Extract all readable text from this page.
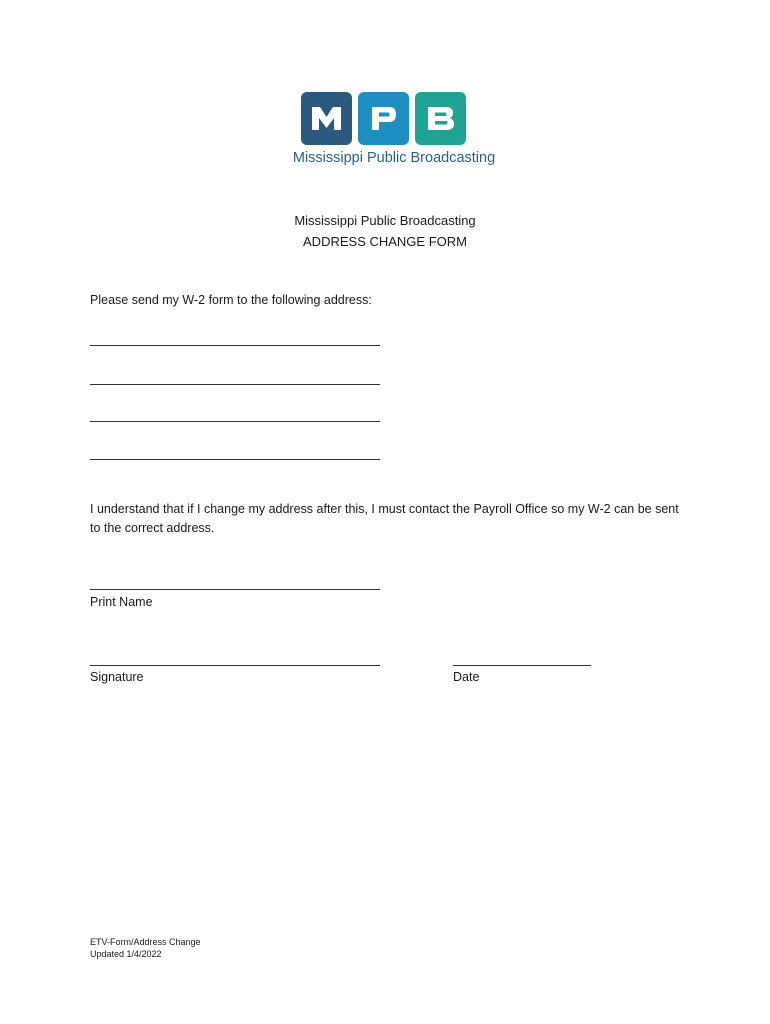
Mississippi Public Broadcasting
Mississippi Public Broadcasting
ADDRESS CHANGE FORM
Please send my W-2 form to the following address:
I understand that if I change my address after this, I must contact the Payroll Office so my W-2 can be sent to the correct address.
Print Name
Signature	Date
ETV-Form/Address Change
Updated 1/4/2022
